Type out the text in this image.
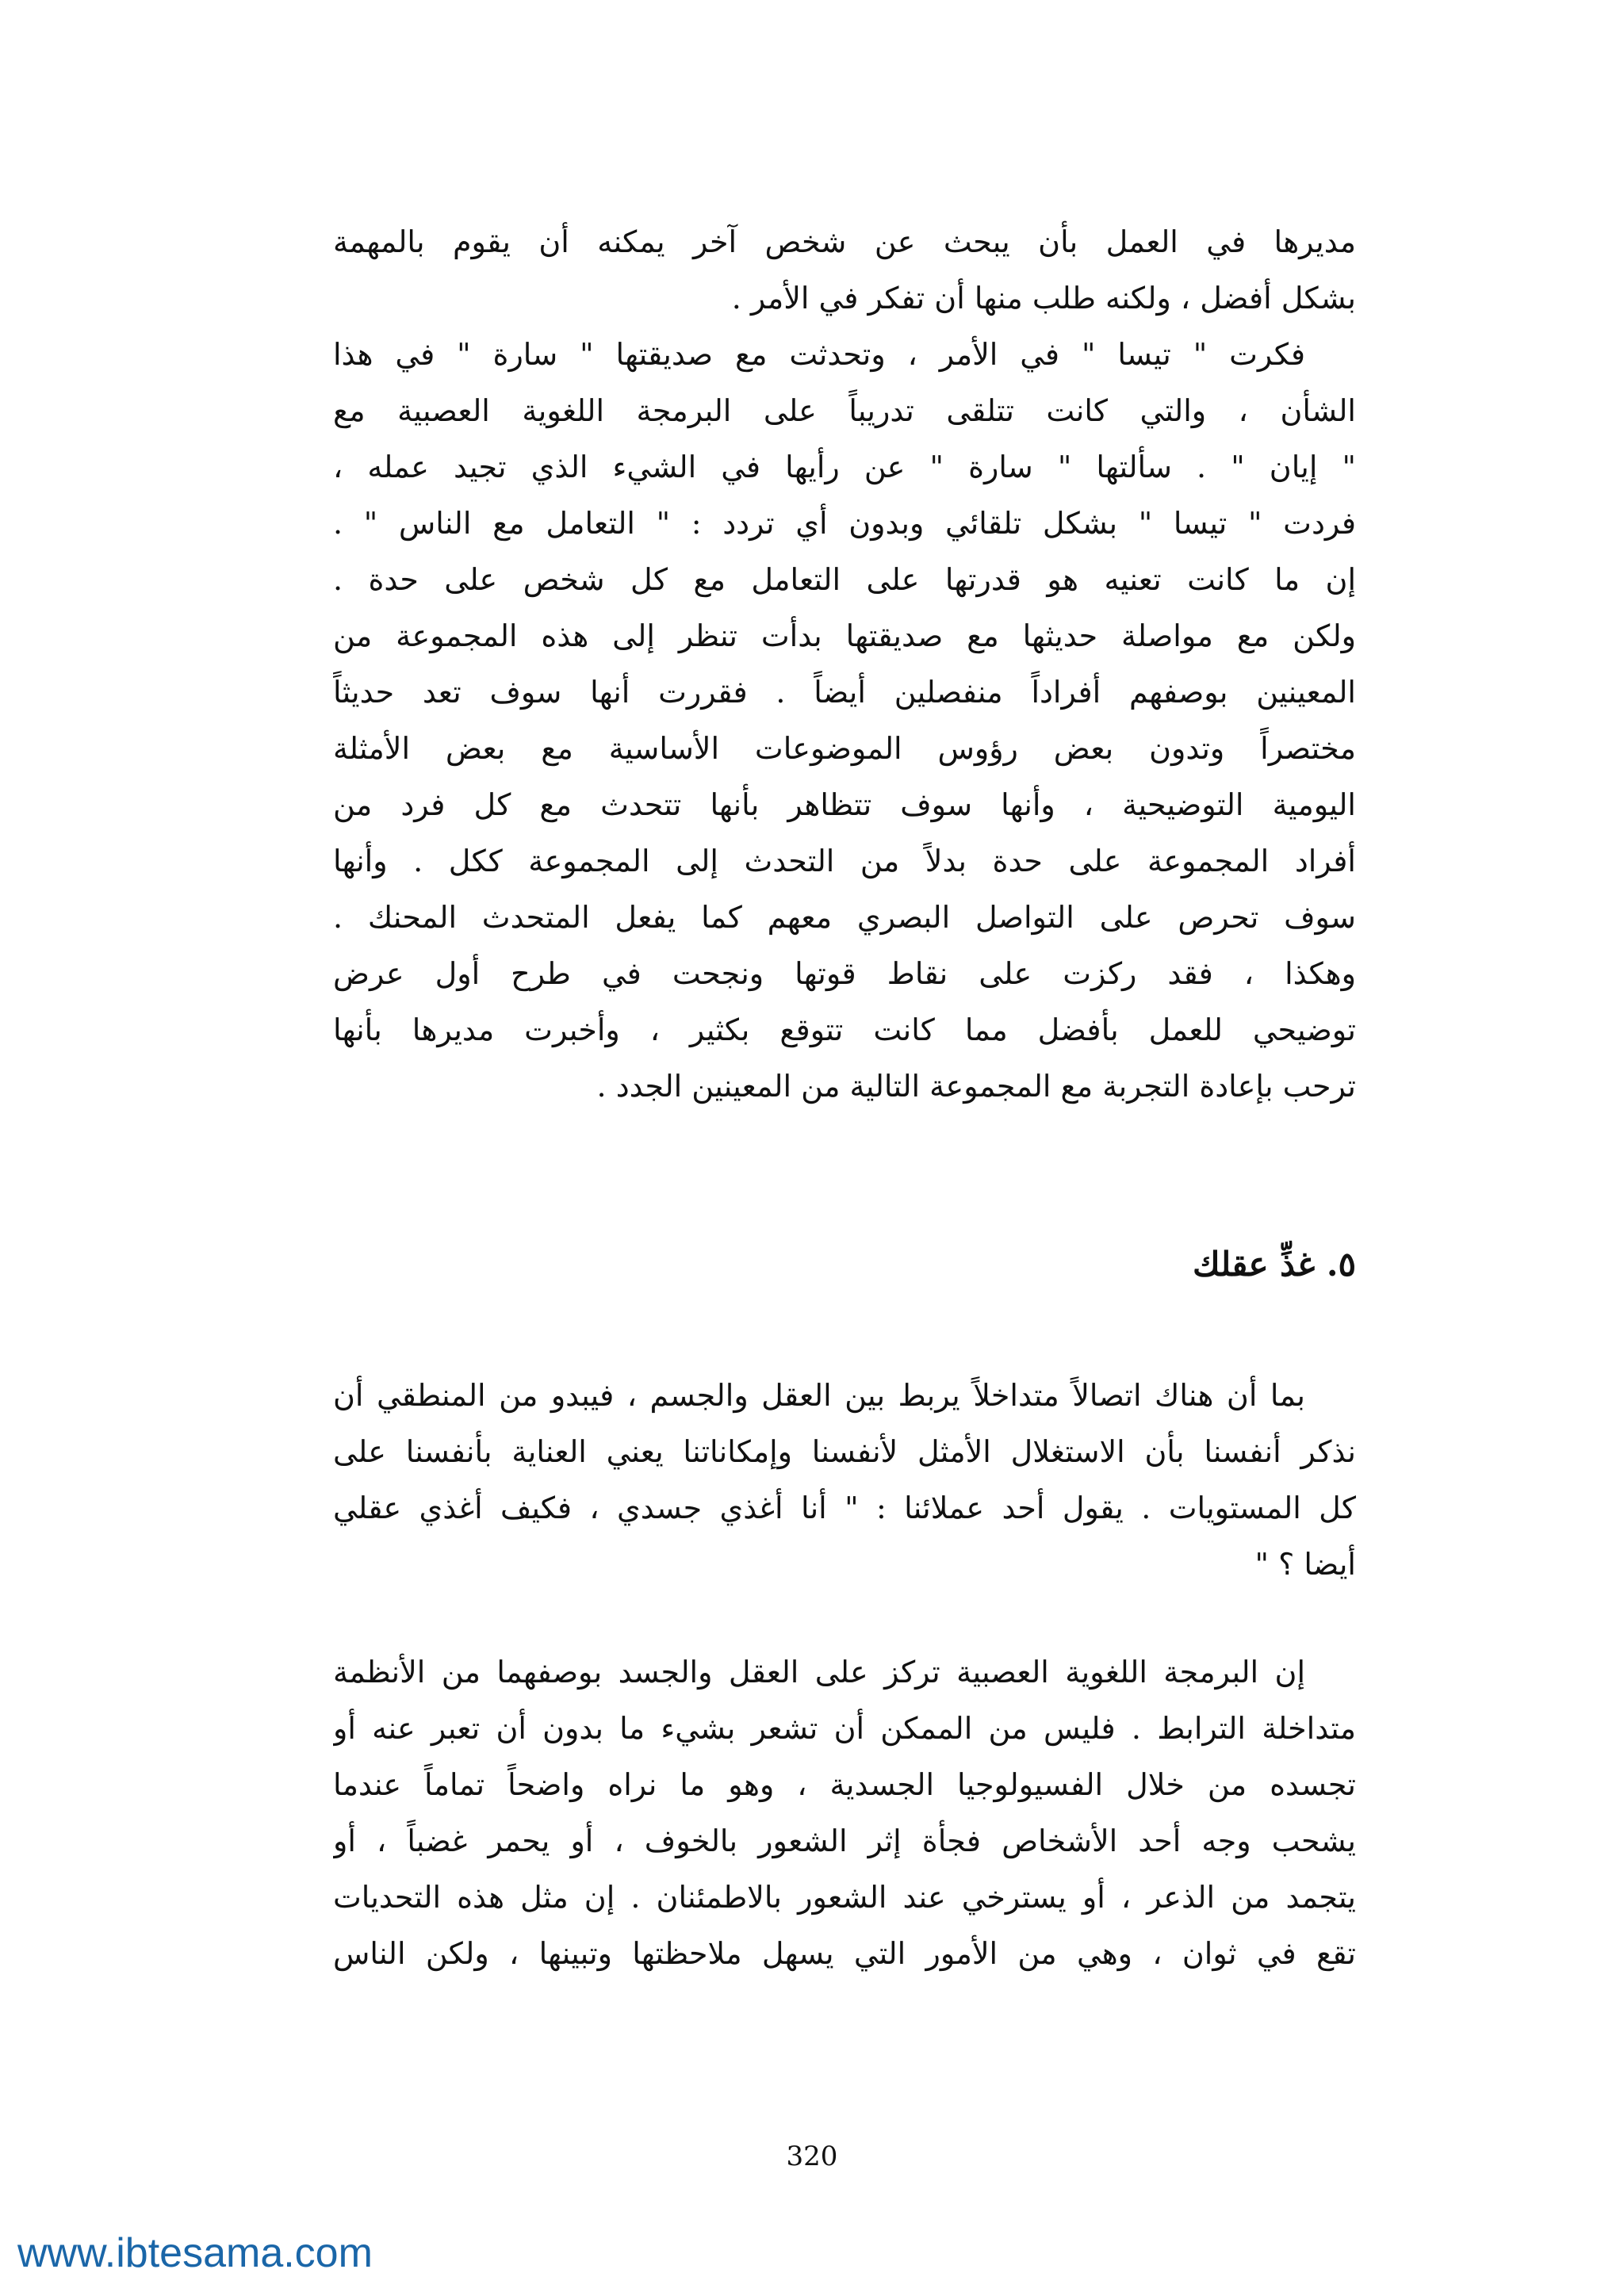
مديرها في العمل بأن يبحث عن شخص آخر يمكنه أن يقوم بالمهمة
بشكل أفضل ، ولكنه طلب منها أن تفكر في الأمر .
فكرت " تيسا " في الأمر ، وتحدثت مع صديقتها " سارة " في هذا
الشأن ، والتي كانت تتلقى تدريباً على البرمجة اللغوية العصبية مع
" إيان " . سألتها " سارة " عن رأيها في الشيء الذي تجيد عمله ،
فردت " تيسا " بشكل تلقائي وبدون أي تردد : " التعامل مع الناس " .
إن ما كانت تعنيه هو قدرتها على التعامل مع كل شخص على حدة .
ولكن مع مواصلة حديثها مع صديقتها بدأت تنظر إلى هذه المجموعة من
المعينين بوصفهم أفراداً منفصلين أيضاً . فقررت أنها سوف تعد حديثاً
مختصراً وتدون بعض رؤوس الموضوعات الأساسية مع بعض الأمثلة
اليومية التوضيحية ، وأنها سوف تتظاهر بأنها تتحدث مع كل فرد من
أفراد المجموعة على حدة بدلاً من التحدث إلى المجموعة ككل . وأنها
سوف تحرص على التواصل البصري معهم كما يفعل المتحدث المحنك .
وهكذا ، فقد ركزت على نقاط قوتها ونجحت في طرح أول عرض
توضيحي للعمل بأفضل مما كانت تتوقع بكثير ، وأخبرت مديرها بأنها
ترحب بإعادة التجربة مع المجموعة التالية من المعينين الجدد .
٥. غذِّ عقلك
بما أن هناك اتصالاً متداخلاً يربط بين العقل والجسم ، فيبدو من المنطقي أن
نذكر أنفسنا بأن الاستغلال الأمثل لأنفسنا وإمكاناتنا يعني العناية بأنفسنا على
كل المستويات . يقول أحد عملائنا : " أنا أغذي جسدي ، فكيف أغذي عقلي
أيضا ؟ "
إن البرمجة اللغوية العصبية تركز على العقل والجسد بوصفهما من الأنظمة
متداخلة الترابط . فليس من الممكن أن تشعر بشيء ما بدون أن تعبر عنه أو
تجسده من خلال الفسيولوجيا الجسدية ، وهو ما نراه واضحاً تماماً عندما
يشحب وجه أحد الأشخاص فجأة إثر الشعور بالخوف ، أو يحمر غضباً ، أو
يتجمد من الذعر ، أو يسترخي عند الشعور بالاطمئنان . إن مثل هذه التحديات
تقع في ثوان ، وهي من الأمور التي يسهل ملاحظتها وتبينها ، ولكن الناس
320
www.ibtesama.com
